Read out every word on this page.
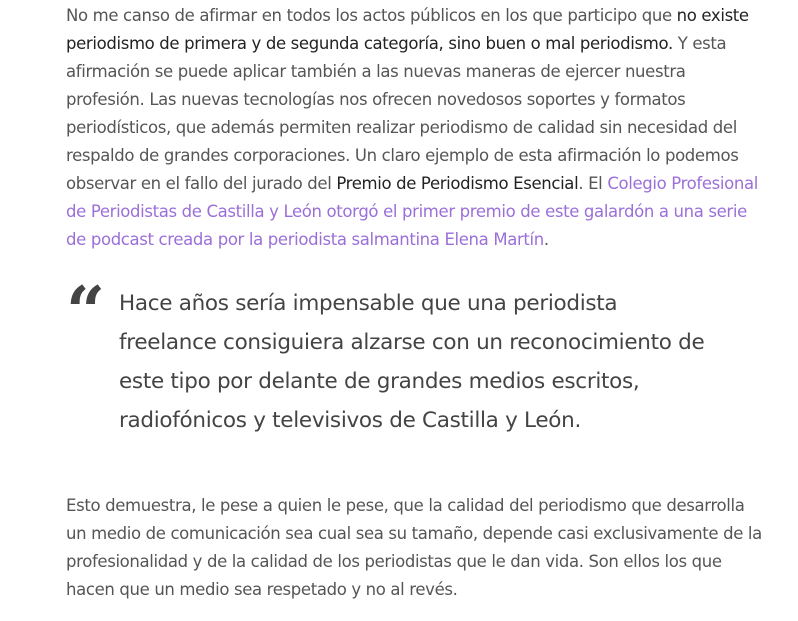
No me canso de afirmar en todos los actos públicos en los que participo que no existe periodismo de primera y de segunda categoría, sino buen o mal periodismo. Y esta afirmación se puede aplicar también a las nuevas maneras de ejercer nuestra profesión. Las nuevas tecnologías nos ofrecen novedosos soportes y formatos periodísticos, que además permiten realizar periodismo de calidad sin necesidad del respaldo de grandes corporaciones. Un claro ejemplo de esta afirmación lo podemos observar en el fallo del jurado del Premio de Periodismo Esencial. El Colegio Profesional de Periodistas de Castilla y León otorgó el primer premio de este galardón a una serie de podcast creada por la periodista salmantina Elena Martín.

“ Hace años sería impensable que una periodista freelance consiguiera alzarse con un reconocimiento de este tipo por delante de grandes medios escritos, radiofónicos y televisivos de Castilla y León.

Esto demuestra, le pese a quien le pese, que la calidad del periodismo que desarrolla un medio de comunicación sea cual sea su tamaño, depende casi exclusivamente de la profesionalidad y de la calidad de los periodistas que le dan vida. Son ellos los que hacen que un medio sea respetado y no al revés.
